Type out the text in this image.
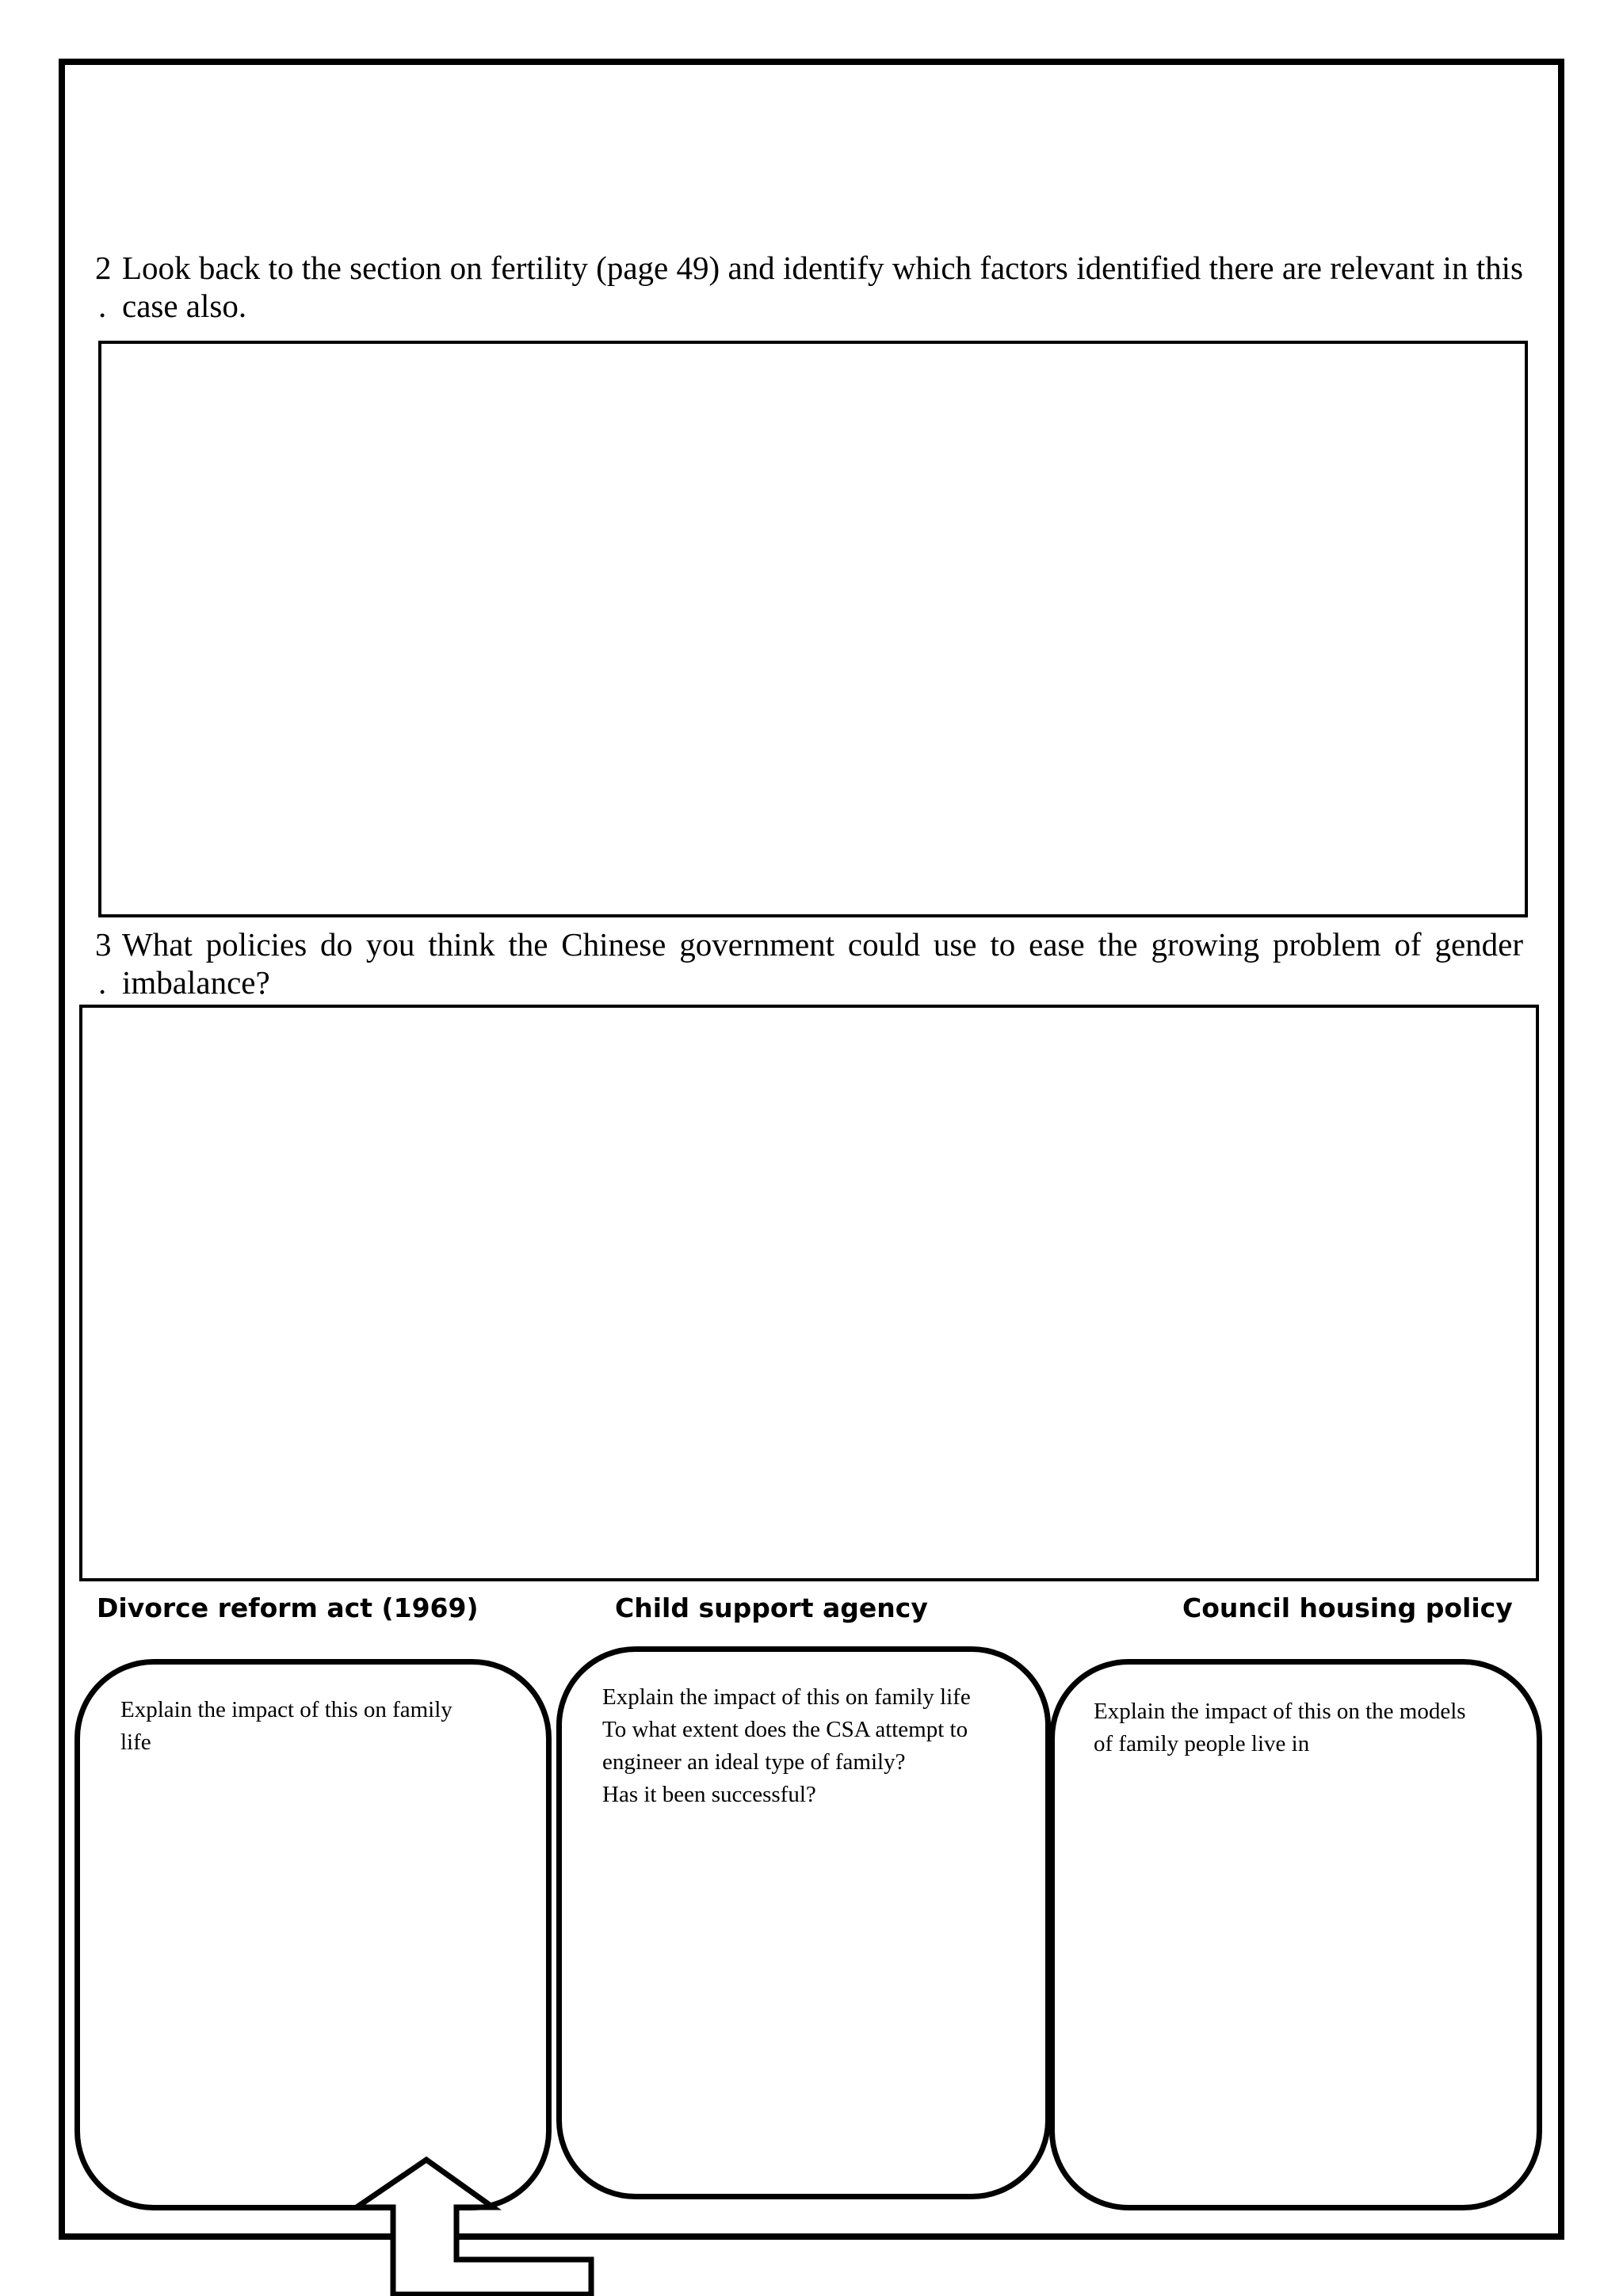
2
.
Look back to the section on fertility (page 49) and identify which factors identified there are relevant in this case also.
3
.
What policies do you think the Chinese government could use to ease the growing problem of gender imbalance?
Divorce reform act (1969)	Child support agency	Council housing policy
Explain the impact of this on family
life
Explain the impact of this on family life
To what extent does the CSA attempt to
engineer an ideal type of family?
Has it been successful?
Explain the impact of this on the models
of family people live in
